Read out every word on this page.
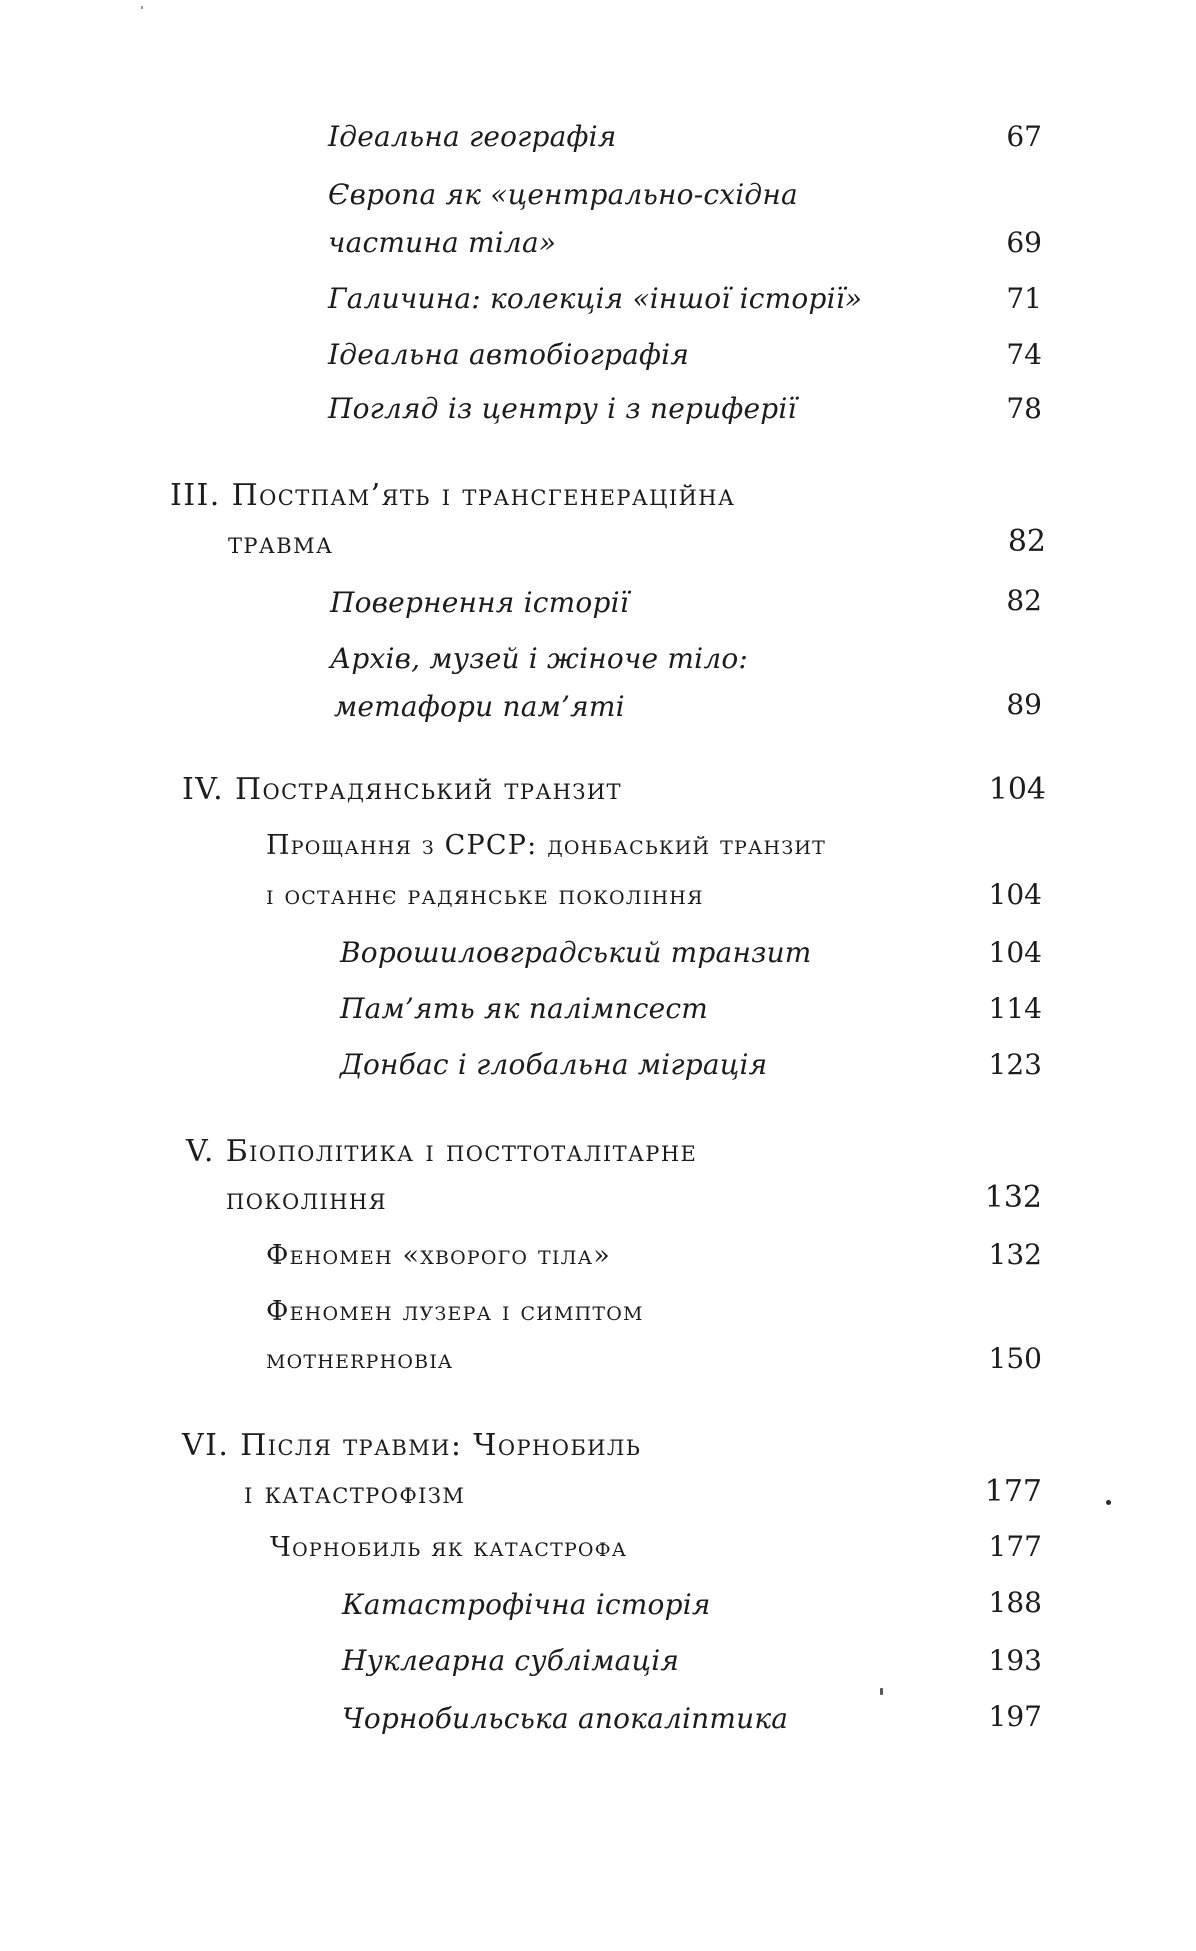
Ідеальна географія	67
Європа як «центрально-східна
частина тіла»	69
Галичина: колекція «іншої історії»	71
Ідеальна автобіографія	74
Погляд із центру і з периферії	78
ІІІ. Постпам’ять і трансгенераційна
травма	82
Повернення історії	82
Архів, музей і жіноче тіло:
метафори пам’яті	89
IV. Пострадянський транзит	104
Прощання з СРСР: донбаський транзит
і останнє радянське покоління	104
Ворошиловградський транзит	104
Пам’ять як палімпсест	114
Донбас і глобальна міграція	123
V. Біополітика і посттоталітарне
покоління	132
Феномен «хворого тіла»	132
Феномен лузера і симптом
motherphobia	150
VI. Після травми: Чорнобиль
і катастрофізм	177
Чорнобиль як катастрофа	177
Катастрофічна історія	188
Нуклеарна сублімація	193
Чорнобильська апокаліптика	197
